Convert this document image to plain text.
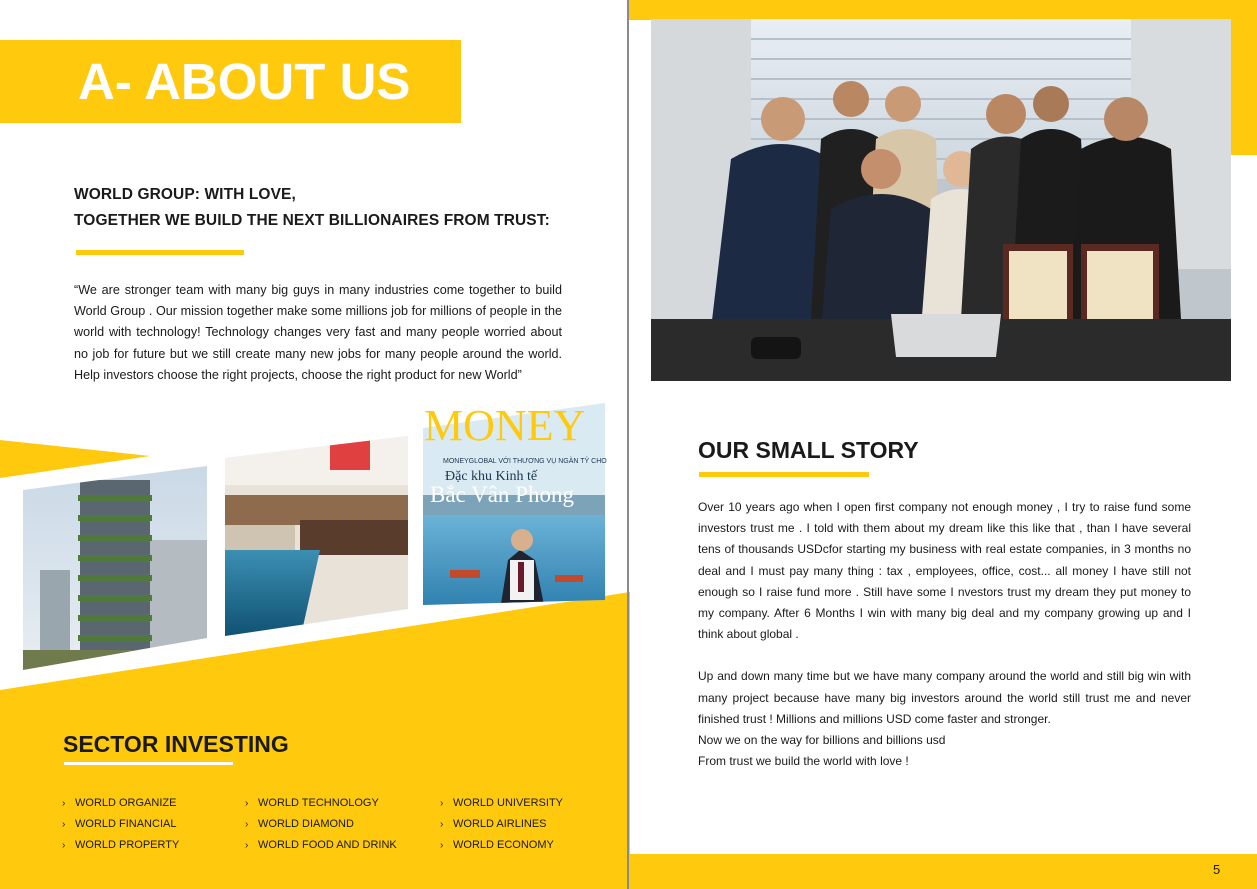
A- ABOUT US
WORLD GROUP: WITH LOVE,
TOGETHER WE BUILD THE NEXT BILLIONAIRES FROM TRUST:
“We are stronger team with many big guys in many industries come together to build World Group . Our mission together make some millions job for millions of people in the world with technology! Technology changes very fast and many people worried about no job for future but we still create many new jobs for many people around the world. Help investors choose the right projects, choose the right product for new World”
MONEY
MONEYGLOBAL VỚI THƯƠNG VỤ NGÀN TỶ CHO
Đặc khu Kinh tế
Bắc Vân Phong
SECTOR INVESTING
› WORLD ORGANIZE
› WORLD FINANCIAL
› WORLD PROPERTY
› WORLD TECHNOLOGY
› WORLD DIAMOND
› WORLD FOOD AND DRINK
› WORLD UNIVERSITY
› WORLD AIRLINES
› WORLD ECONOMY
OUR SMALL STORY

Over 10 years ago when I open first company not enough money , I try to raise fund some investors trust me . I told with them about my dream like this like that , than I have several tens of thousands USDcfor starting my business with real estate companies, in 3 months no deal and I must pay many thing : tax , employees, office, cost... all money I have still not enough so I raise fund more . Still have some I nvestors trust my dream they put money to my company. After 6 Months I win with many big deal and my company growing up and I think about global .

Up and down many time but we have many company around the world and still big win with many project because have many big investors around the world still trust me and never finished trust ! Millions and millions USD come faster and stronger.

Now we on the way for billions and billions usd

From trust we build the world with love !

5
